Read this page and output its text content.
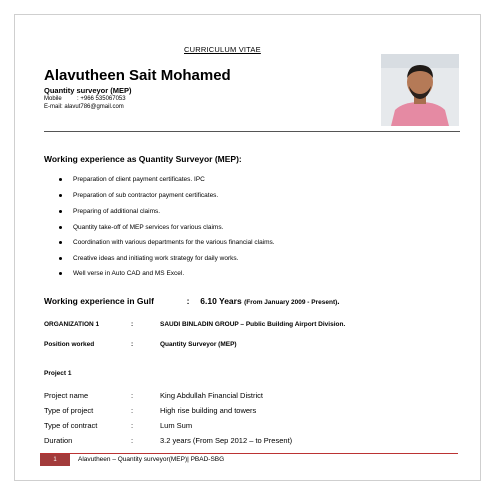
CURRICULUM VITAE
Alavutheen Sait Mohamed
Quantity surveyor (MEP)
Mobile	: +966 535067053
E-mail: alavut786@gmail.com
Working experience as Quantity Surveyor (MEP):
Preparation of client payment certificates. IPC
Preparation of sub contractor payment certificates.
Preparing of additional claims.
Quantity take-off of MEP services for various claims.
Coordination with various departments for the various financial claims.
Creative ideas and initiating work strategy for daily works.
Well verse in Auto CAD and MS Excel.
Working experience in Gulf	: 6.10 Years (From January 2009 - Present).
ORGANIZATION 1	:	SAUDI BINLADIN GROUP – Public Building Airport Division.
Position worked	:	Quantity Surveyor (MEP)
Project 1
Project name	:	King Abdullah Financial District
Type of project	:	High rise building and towers
Type of contract	:	Lum Sum
Duration	:	3.2 years (From Sep 2012 – to Present)
1	Alavutheen – Quantity surveyor(MEP)| PBAD-SBG
